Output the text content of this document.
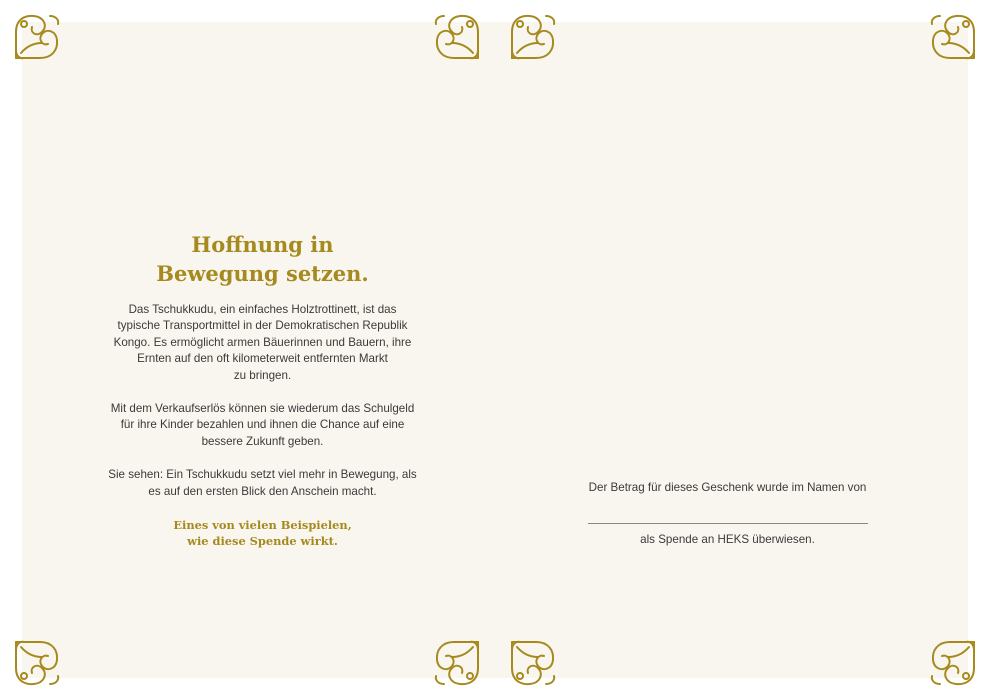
Hoffnung in
Bewegung setzen.

Das Tschukkudu, ein einfaches Holztrottinett, ist das
typische Transportmittel in der Demokratischen Republik
Kongo. Es ermöglicht armen Bäuerinnen und Bauern, ihre
Ernten auf den oft kilometerweit entfernten Markt
zu bringen.

Mit dem Verkaufserlös können sie wiederum das Schulgeld
für ihre Kinder bezahlen und ihnen die Chance auf eine
bessere Zukunft geben.

Sie sehen: Ein Tschukkudu setzt viel mehr in Bewegung, als
es auf den ersten Blick den Anschein macht.

Eines von vielen Beispielen,
wie diese Spende wirkt.

Der Betrag für dieses Geschenk wurde im Namen von

als Spende an HEKS überwiesen.
